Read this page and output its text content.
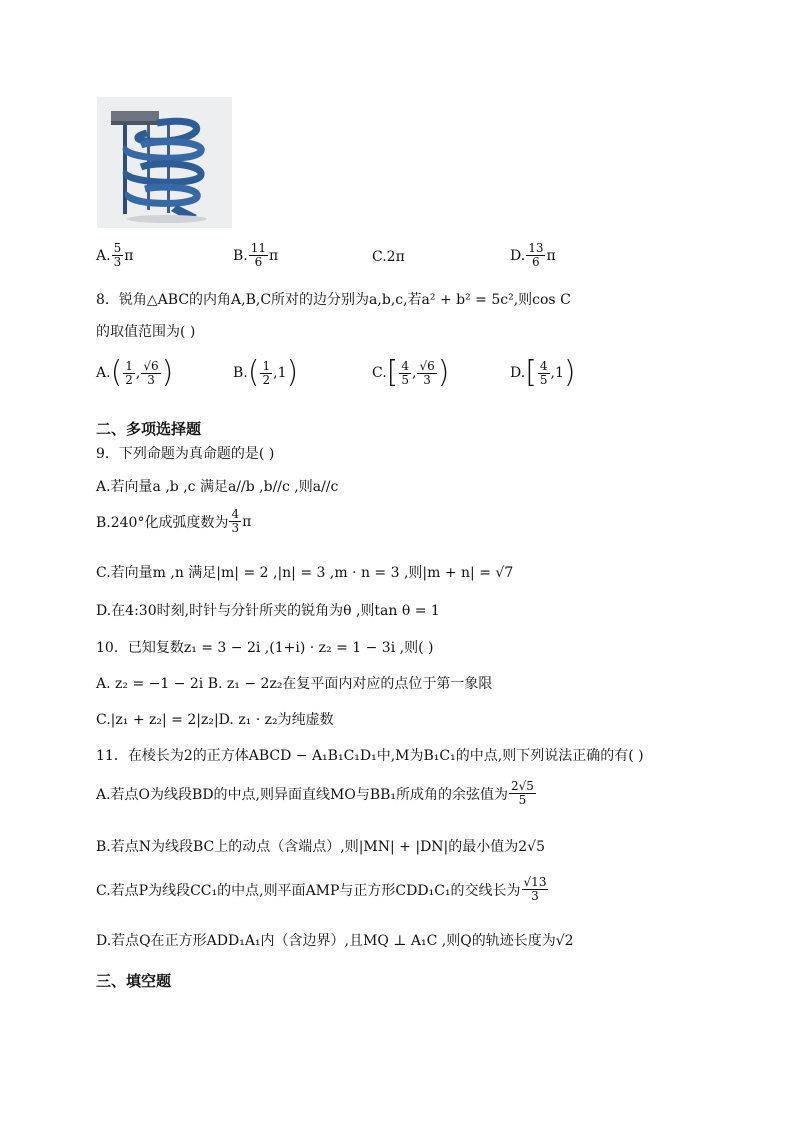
A. $\frac{5}{3}$ π	B. $\frac{11}{6}$ π	C.2π	D. $\frac{13}{6}$ π
8．锐角△ABC的内角A,B,C所对的边分别为a,b,c,若a² + b² = 5c²,则cos C
的取值范围为( )
A. ( $\frac{1}{2}$ , $\frac{√6}{3}$ )	B. ( $\frac{1}{2}$ , 1 )	C. [ $\frac{4}{5}$ , $\frac{√6}{3}$ )	D. [ $\frac{4}{5}$ , 1 )
二、多项选择题
9．下列命题为真命题的是( )
A.若向量a ,b ,c 满足a//b ,b//c ,则a//c
B.240°化成弧度数为 $\frac{4}{3}$ π
C.若向量m ,n 满足|m| = 2 ,|n| = 3 ,m · n = 3 ,则|m + n| = √7
D.在4:30时刻,时针与分针所夹的锐角为θ ,则tan θ = 1
10．已知复数z₁ = 3 − 2i ,(1+i) · z₂ = 1 − 3i ,则( )
A. z₂ = −1 − 2i B. z₁ − 2z₂在复平面内对应的点位于第一象限
C.|z₁ + z₂| = 2|z₂|D. z₁ · z₂为纯虚数
11．在棱长为2的正方体ABCD − A₁B₁C₁D₁中,M为B₁C₁的中点,则下列说法正确的有( )
A.若点O为线段BD的中点,则异面直线MO与BB₁所成角的余弦值为 $\frac{2√5}{5}$
B.若点N为线段BC上的动点（含端点）,则|MN| + |DN|的最小值为2√5
C.若点P为线段CC₁的中点,则平面AMP与正方形CDD₁C₁的交线长为 $\frac{√13}{3}$
D.若点Q在正方形ADD₁A₁内（含边界）,且MQ ⊥ A₁C ,则Q的轨迹长度为√2
三、填空题
